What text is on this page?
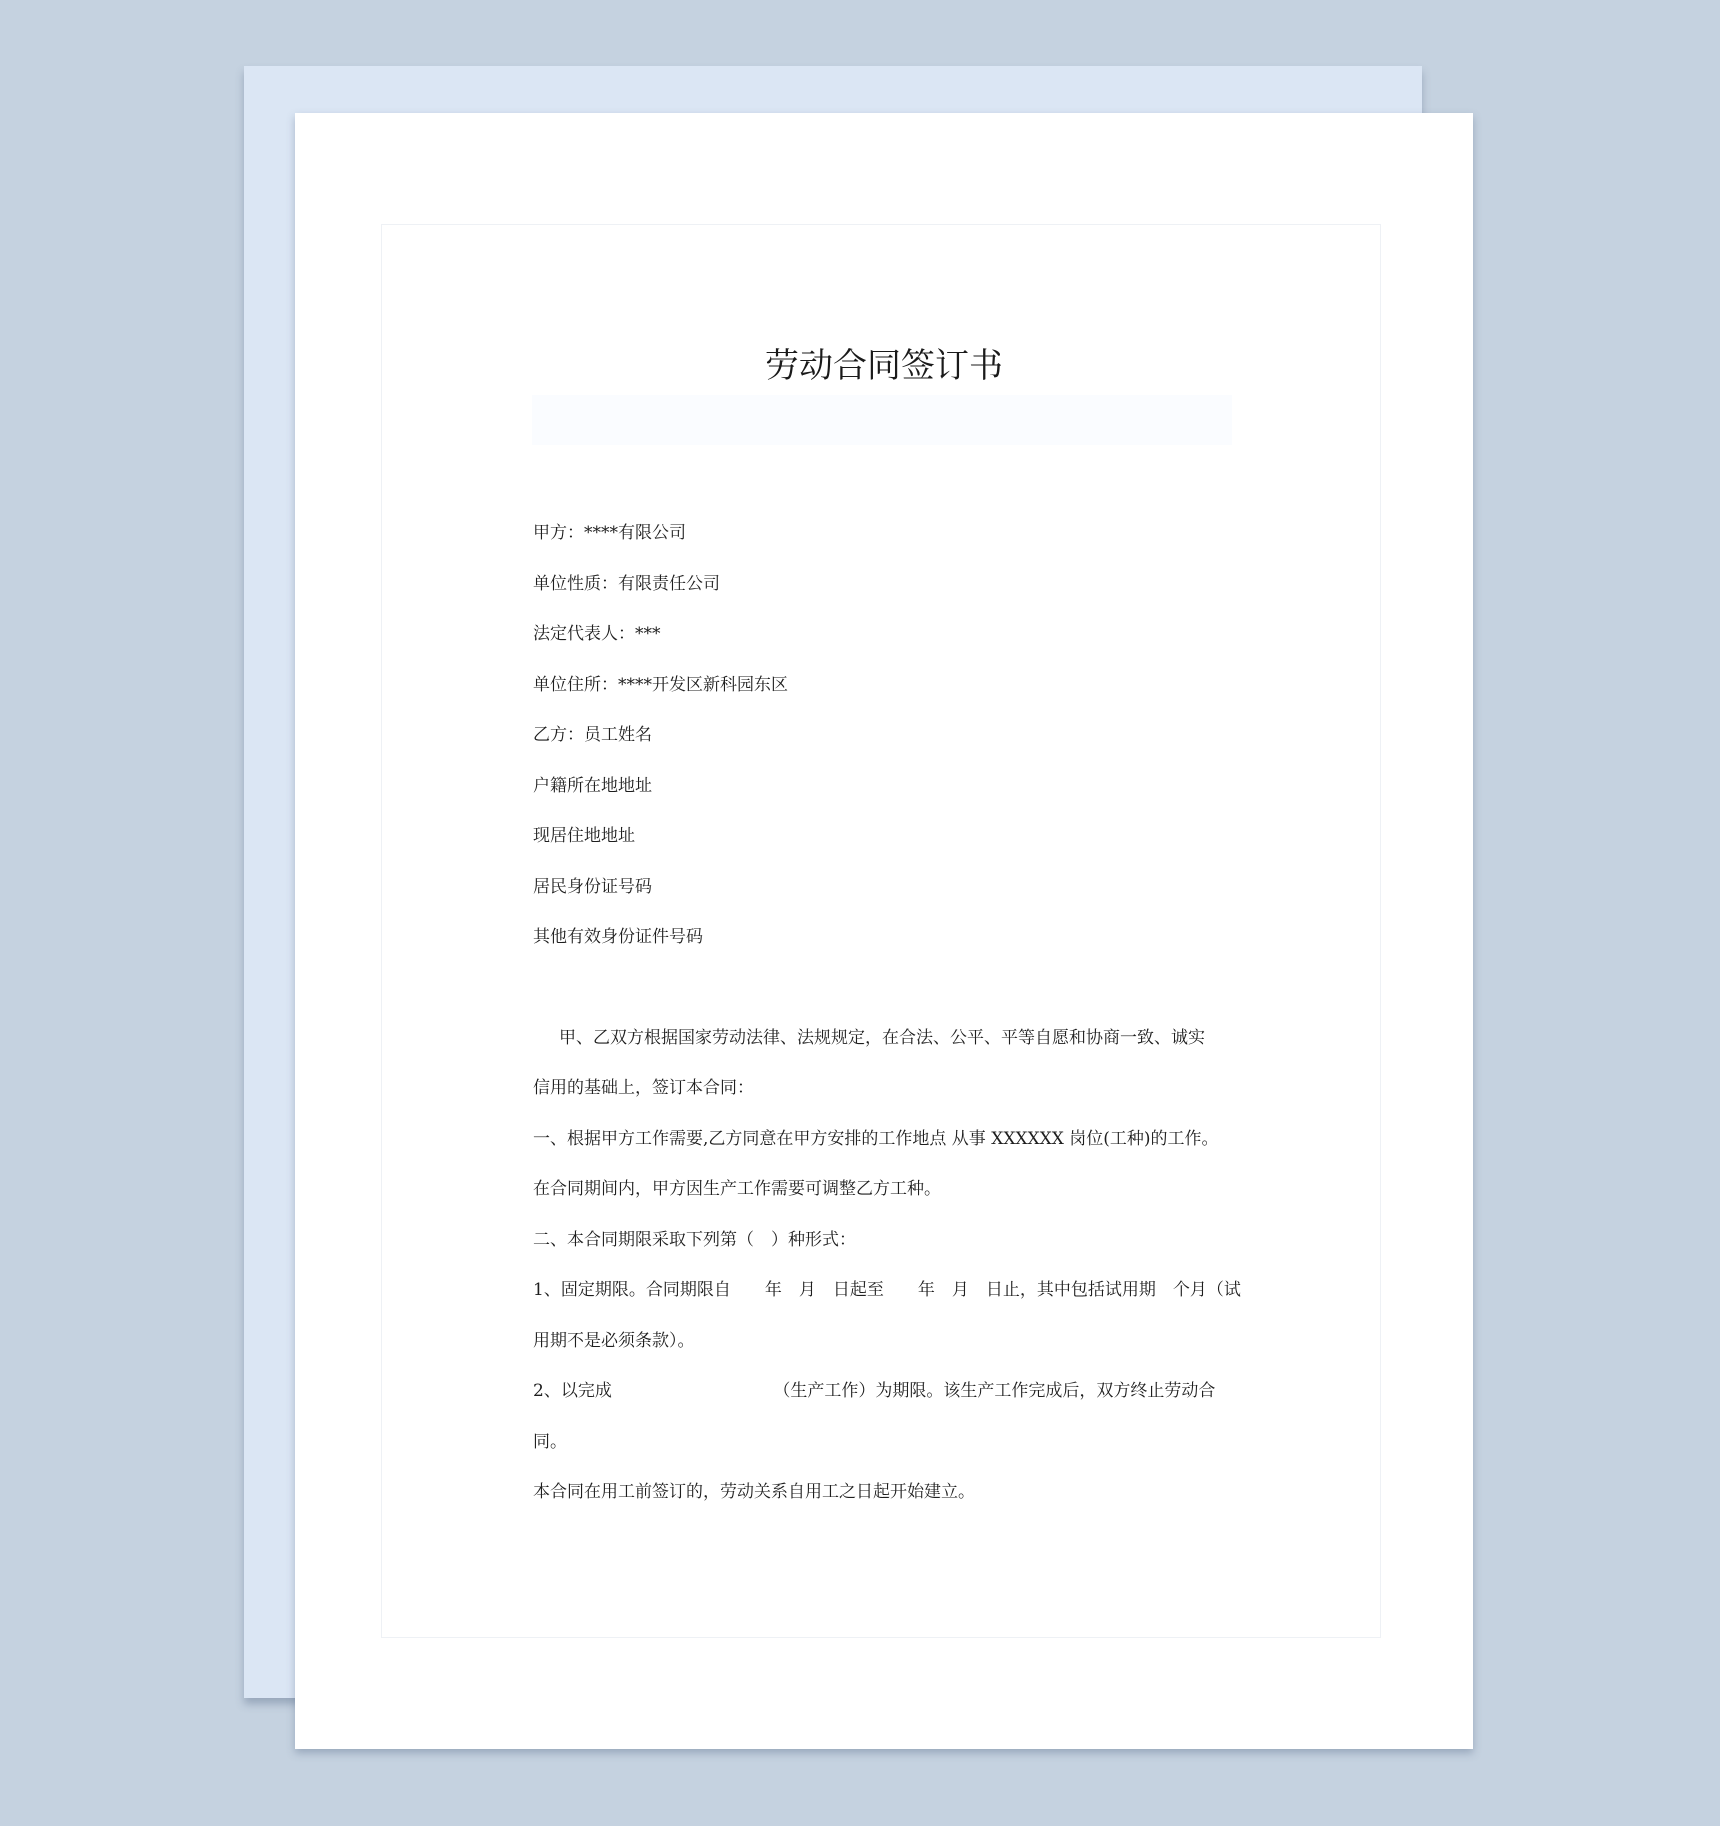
劳动合同签订书
甲方：****有限公司
单位性质：有限责任公司
法定代表人：***
单位住所：****开发区新科园东区
乙方：员工姓名
户籍所在地地址
现居住地地址
居民身份证号码
其他有效身份证件号码
甲、乙双方根据国家劳动法律、法规规定，在合法、公平、平等自愿和协商一致、诚实
信用的基础上，签订本合同：
一、根据甲方工作需要,乙方同意在甲方安排的工作地点 从事 XXXXXX 岗位(工种)的工作。
在合同期间内，甲方因生产工作需要可调整乙方工种。
二、本合同期限采取下列第（　）种形式：
1、固定期限。合同期限自　　年　月　日起至　　年　月　日止，其中包括试用期　个月（试
用期不是必须条款）。
2、以完成　　　　　　　　　　（生产工作）为期限。该生产工作完成后，双方终止劳动合
同。
本合同在用工前签订的，劳动关系自用工之日起开始建立。
